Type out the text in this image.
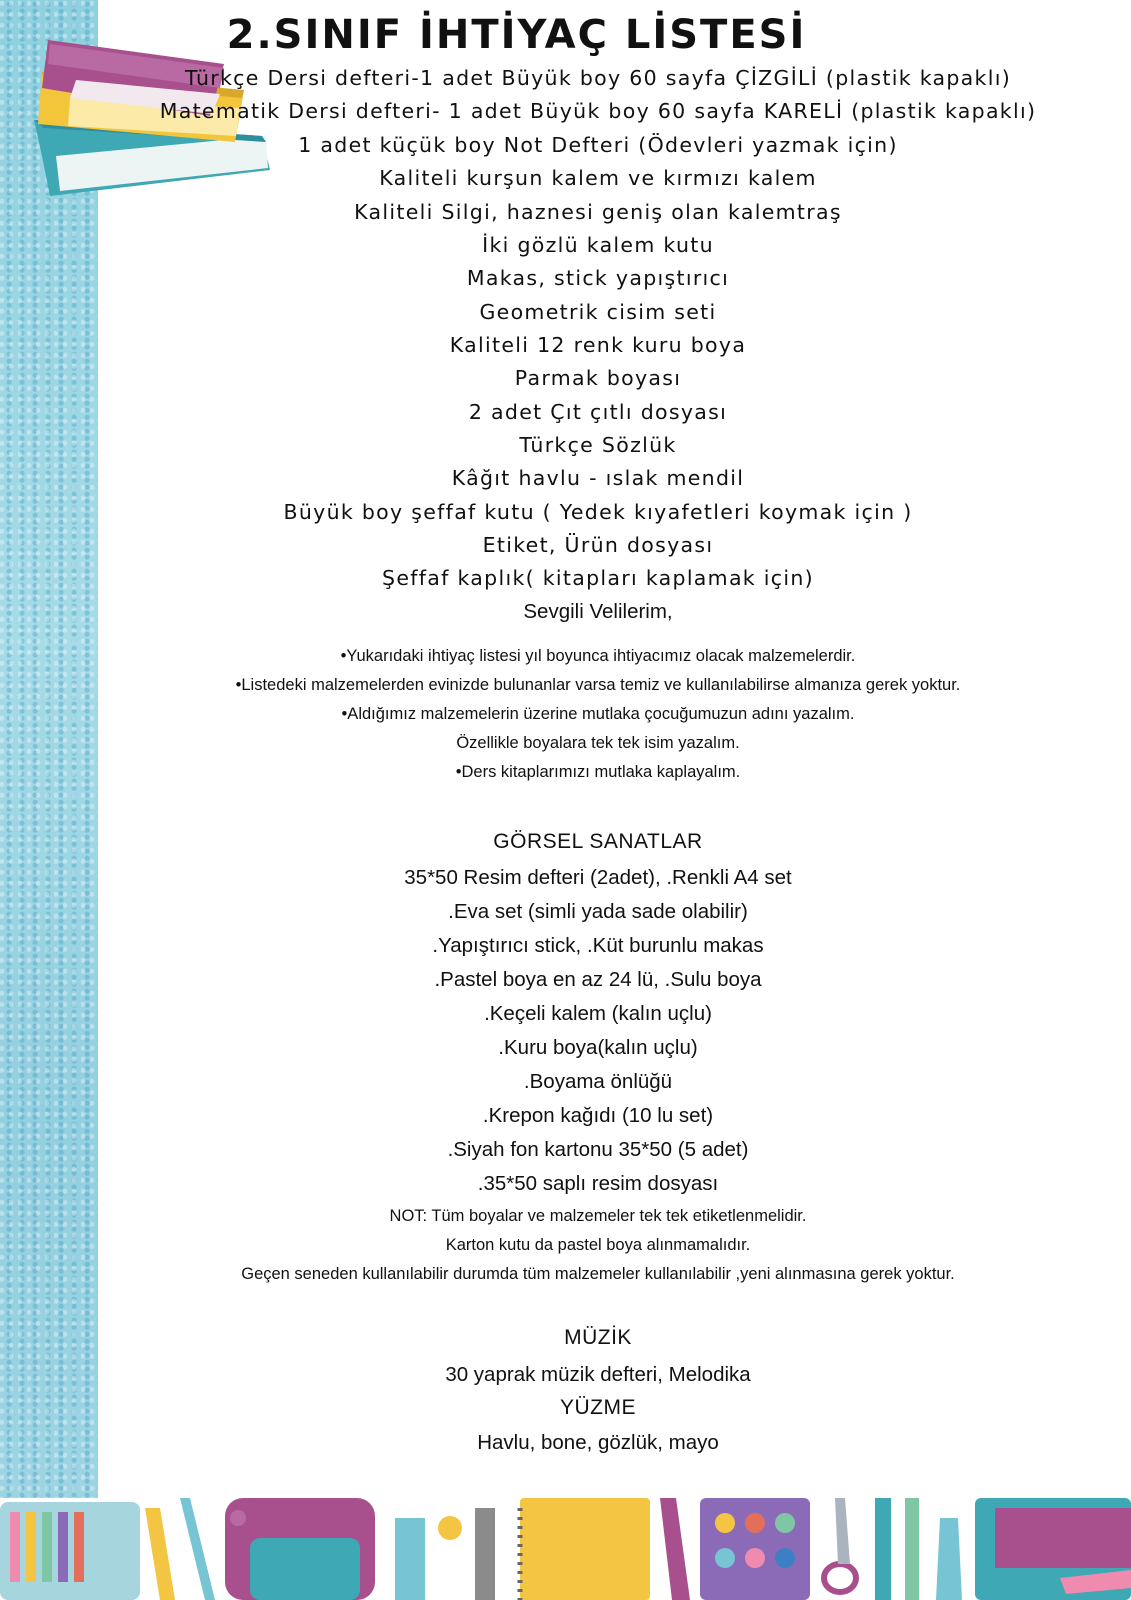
2.SINIF İHTİYAÇ LİSTESİ
Türkçe Dersi defteri-1 adet Büyük boy 60 sayfa ÇİZGİLİ (plastik kapaklı)
Matematik Dersi defteri- 1 adet Büyük boy 60 sayfa KARELİ (plastik kapaklı)
1 adet küçük boy Not Defteri (Ödevleri yazmak için)
Kaliteli kurşun kalem ve kırmızı kalem
Kaliteli Silgi, haznesi geniş olan kalemtraş
İki gözlü kalem kutu
Makas, stick yapıştırıcı
Geometrik cisim seti
Kaliteli 12 renk kuru boya
Parmak boyası
2 adet Çıt çıtlı dosyası
Türkçe Sözlük
Kâğıt havlu - ıslak mendil
Büyük boy şeffaf kutu ( Yedek kıyafetleri koymak için )
Etiket, Ürün dosyası
Şeffaf kaplık( kitapları kaplamak için)
Sevgili Velilerim,
•Yukarıdaki ihtiyaç listesi yıl boyunca ihtiyacımız olacak malzemelerdir.
•Listedeki malzemelerden evinizde bulunanlar varsa temiz ve kullanılabilirse almanıza gerek yoktur.
•Aldığımız malzemelerin üzerine mutlaka çocuğumuzun adını yazalım.
Özellikle boyalara tek tek isim yazalım.
•Ders kitaplarımızı mutlaka kaplayalım.
GÖRSEL SANATLAR
35*50 Resim defteri (2adet), .Renkli A4 set
.Eva set (simli yada sade olabilir)
.Yapıştırıcı stick, .Küt burunlu makas
.Pastel boya en az 24 lü, .Sulu boya
.Keçeli kalem (kalın uçlu)
.Kuru boya(kalın uçlu)
.Boyama önlüğü
.Krepon kağıdı (10 lu set)
.Siyah fon kartonu 35*50 (5 adet)
.35*50 saplı resim dosyası
NOT: Tüm boyalar ve malzemeler tek tek etiketlenmelidir.
Karton kutu da pastel boya alınmamalıdır.
Geçen seneden kullanılabilir durumda tüm malzemeler kullanılabilir ,yeni alınmasına gerek yoktur.
MÜZİK
30 yaprak müzik defteri, Melodika
YÜZME
Havlu, bone, gözlük, mayo
